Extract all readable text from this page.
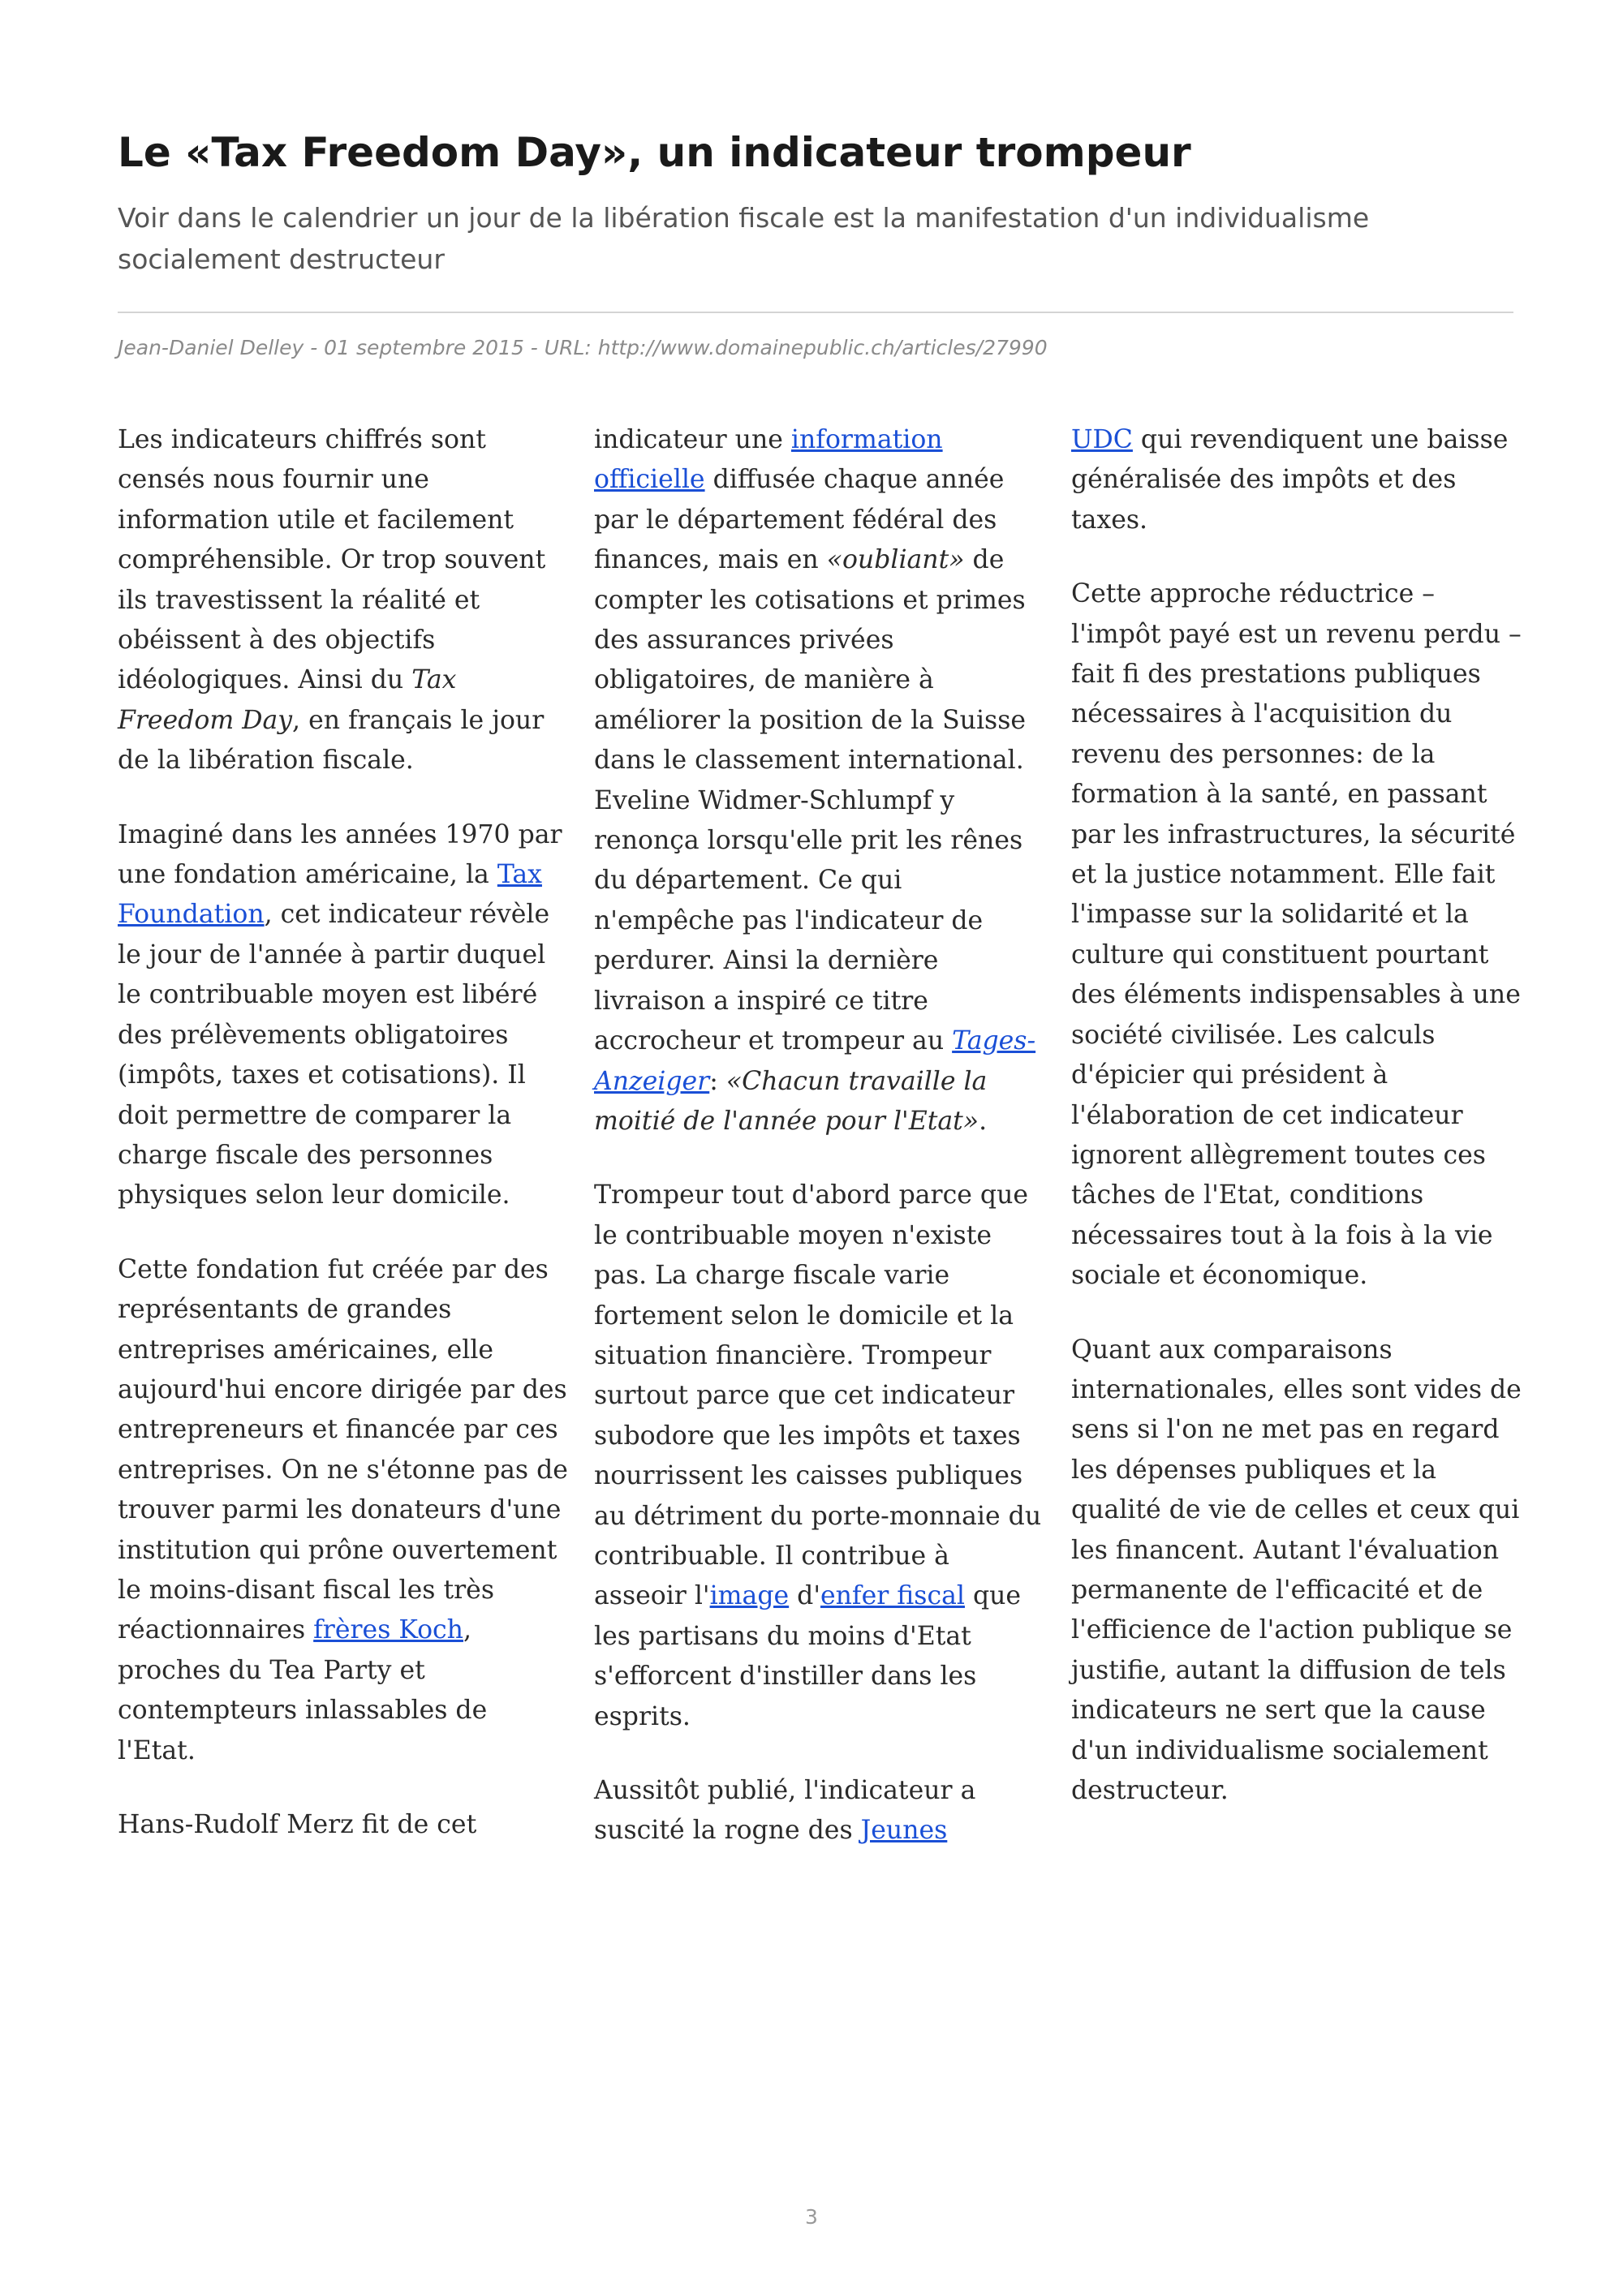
Le «Tax Freedom Day», un indicateur trompeur

Voir dans le calendrier un jour de la libération fiscale est la manifestation d'un individualisme socialement destructeur

Jean-Daniel Delley - 01 septembre 2015 - URL: http://www.domainepublic.ch/articles/27990

Les indicateurs chiffrés sont censés nous fournir une information utile et facilement compréhensible. Or trop souvent ils travestissent la réalité et obéissent à des objectifs idéologiques. Ainsi du Tax Freedom Day, en français le jour de la libération fiscale.

Imaginé dans les années 1970 par une fondation américaine, la Tax Foundation, cet indicateur révèle le jour de l'année à partir duquel le contribuable moyen est libéré des prélèvements obligatoires (impôts, taxes et cotisations). Il doit permettre de comparer la charge fiscale des personnes physiques selon leur domicile.

Cette fondation fut créée par des représentants de grandes entreprises américaines, elle aujourd'hui encore dirigée par des entrepreneurs et financée par ces entreprises. On ne s'étonne pas de trouver parmi les donateurs d'une institution qui prône ouvertement le moins-disant fiscal les très réactionnaires frères Koch, proches du Tea Party et contempteurs inlassables de l'Etat.

Hans-Rudolf Merz fit de cet

indicateur une information officielle diffusée chaque année par le département fédéral des finances, mais en «oubliant» de compter les cotisations et primes des assurances privées obligatoires, de manière à améliorer la position de la Suisse dans le classement international. Eveline Widmer-Schlumpf y renonça lorsqu'elle prit les rênes du département. Ce qui n'empêche pas l'indicateur de perdurer. Ainsi la dernière livraison a inspiré ce titre accrocheur et trompeur au Tages-Anzeiger: «Chacun travaille la moitié de l'année pour l'Etat».

Trompeur tout d'abord parce que le contribuable moyen n'existe pas. La charge fiscale varie fortement selon le domicile et la situation financière. Trompeur surtout parce que cet indicateur subodore que les impôts et taxes nourrissent les caisses publiques au détriment du porte-monnaie du contribuable. Il contribue à asseoir l'image d'enfer fiscal que les partisans du moins d'Etat s'efforcent d'instiller dans les esprits.

Aussitôt publié, l'indicateur a suscité la rogne des Jeunes

UDC qui revendiquent une baisse généralisée des impôts et des taxes.

Cette approche réductrice – l'impôt payé est un revenu perdu – fait fi des prestations publiques nécessaires à l'acquisition du revenu des personnes: de la formation à la santé, en passant par les infrastructures, la sécurité et la justice notamment. Elle fait l'impasse sur la solidarité et la culture qui constituent pourtant des éléments indispensables à une société civilisée. Les calculs d'épicier qui président à l'élaboration de cet indicateur ignorent allègrement toutes ces tâches de l'Etat, conditions nécessaires tout à la fois à la vie sociale et économique.

Quant aux comparaisons internationales, elles sont vides de sens si l'on ne met pas en regard les dépenses publiques et la qualité de vie de celles et ceux qui les financent. Autant l'évaluation permanente de l'efficacité et de l'efficience de l'action publique se justifie, autant la diffusion de tels indicateurs ne sert que la cause d'un individualisme socialement destructeur.

3
